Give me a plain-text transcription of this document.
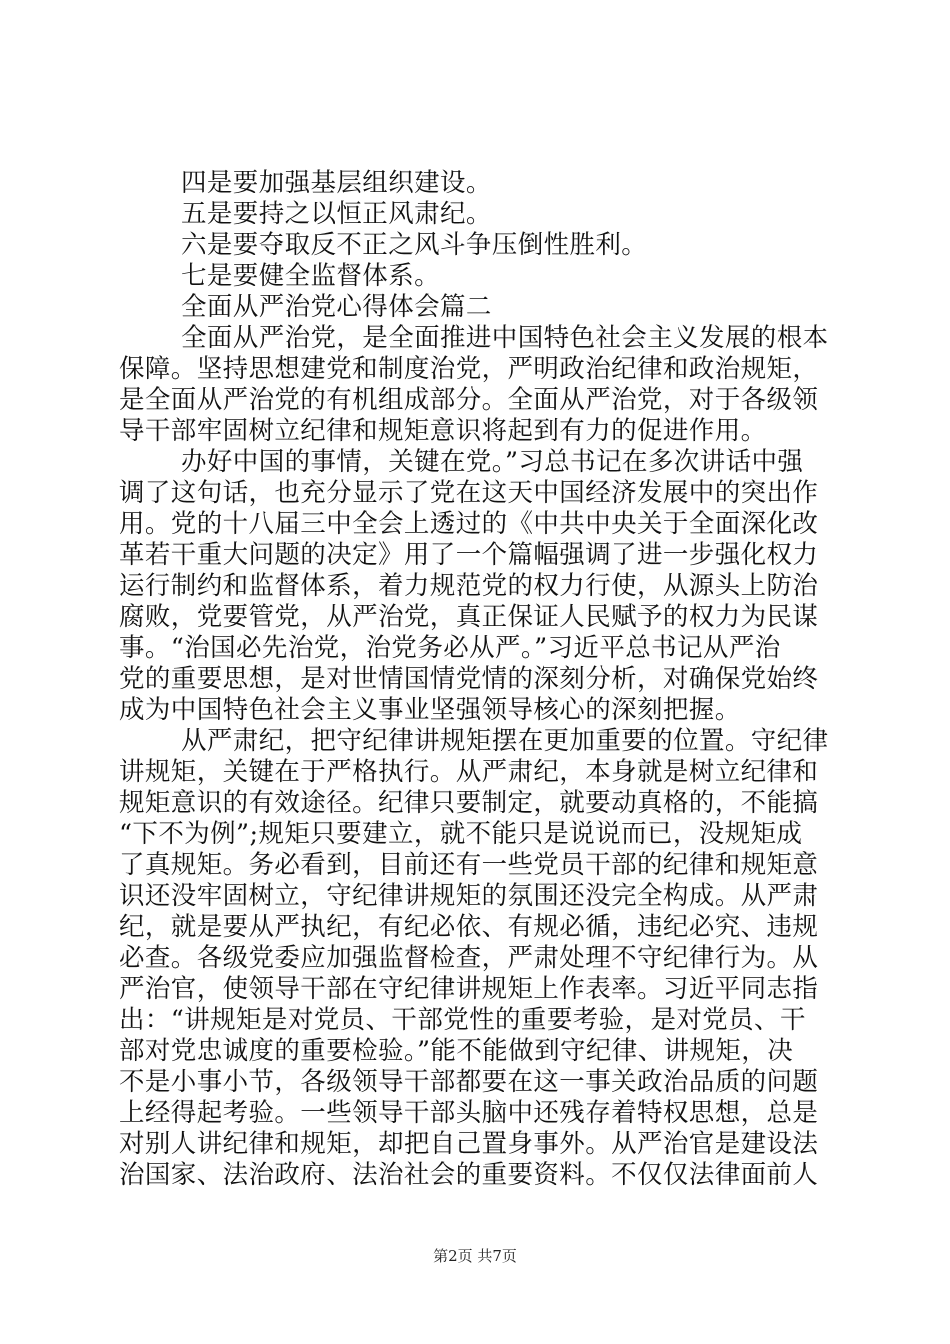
四是要加强基层组织建设。
五是要持之以恒正风肃纪。
六是要夺取反不正之风斗争压倒性胜利。
七是要健全监督体系。
全面从严治党心得体会篇二
全面从严治党，是全面推进中国特色社会主义发展的根本
保障。坚持思想建党和制度治党，严明政治纪律和政治规矩，
是全面从严治党的有机组成部分。全面从严治党，对于各级领
导干部牢固树立纪律和规矩意识将起到有力的促进作用。
办好中国的事情，关键在党。”习总书记在多次讲话中强
调了这句话，也充分显示了党在这天中国经济发展中的突出作
用。党的十八届三中全会上透过的《中共中央关于全面深化改
革若干重大问题的决定》用了一个篇幅强调了进一步强化权力
运行制约和监督体系，着力规范党的权力行使，从源头上防治
腐败，党要管党，从严治党，真正保证人民赋予的权力为民谋
事。“治国必先治党，治党务必从严。”习近平总书记从严治
党的重要思想，是对世情国情党情的深刻分析，对确保党始终
成为中国特色社会主义事业坚强领导核心的深刻把握。
从严肃纪，把守纪律讲规矩摆在更加重要的位置。守纪律
讲规矩，关键在于严格执行。从严肃纪，本身就是树立纪律和
规矩意识的有效途径。纪律只要制定，就要动真格的，不能搞
“下不为例”;规矩只要建立，就不能只是说说而已，没规矩成
了真规矩。务必看到，目前还有一些党员干部的纪律和规矩意
识还没牢固树立，守纪律讲规矩的氛围还没完全构成。从严肃
纪，就是要从严执纪，有纪必依、有规必循，违纪必究、违规
必查。各级党委应加强监督检查，严肃处理不守纪律行为。从
严治官，使领导干部在守纪律讲规矩上作表率。习近平同志指
出：“讲规矩是对党员、干部党性的重要考验，是对党员、干
部对党忠诚度的重要检验。”能不能做到守纪律、讲规矩，决
不是小事小节，各级领导干部都要在这一事关政治品质的问题
上经得起考验。一些领导干部头脑中还残存着特权思想，总是
对别人讲纪律和规矩，却把自己置身事外。从严治官是建设法
治国家、法治政府、法治社会的重要资料。不仅仅法律面前人
第2页 共7页
